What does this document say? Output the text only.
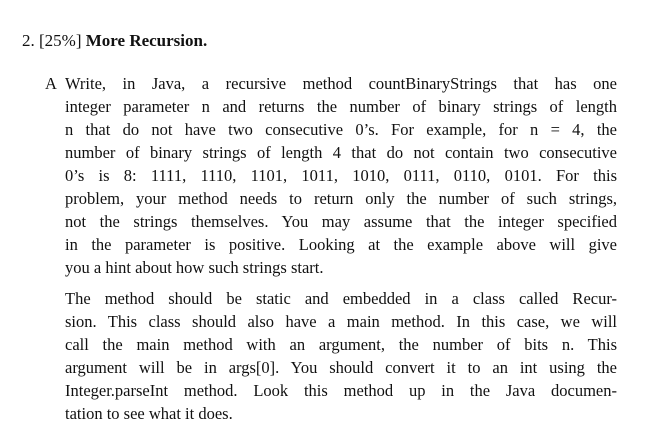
2. [25%] More Recursion.
A Write, in Java, a recursive method countBinaryStrings that has one
integer parameter n and returns the number of binary strings of length
n that do not have two consecutive 0’s. For example, for n = 4, the
number of binary strings of length 4 that do not contain two consecutive
0’s is 8: 1111, 1110, 1101, 1011, 1010, 0111, 0110, 0101. For this
problem, your method needs to return only the number of such strings,
not the strings themselves. You may assume that the integer specified
in the parameter is positive. Looking at the example above will give
you a hint about how such strings start.
The method should be static and embedded in a class called Recur-
sion. This class should also have a main method. In this case, we will
call the main method with an argument, the number of bits n. This
argument will be in args[0]. You should convert it to an int using the
Integer.parseInt method. Look this method up in the Java documen-
tation to see what it does.
